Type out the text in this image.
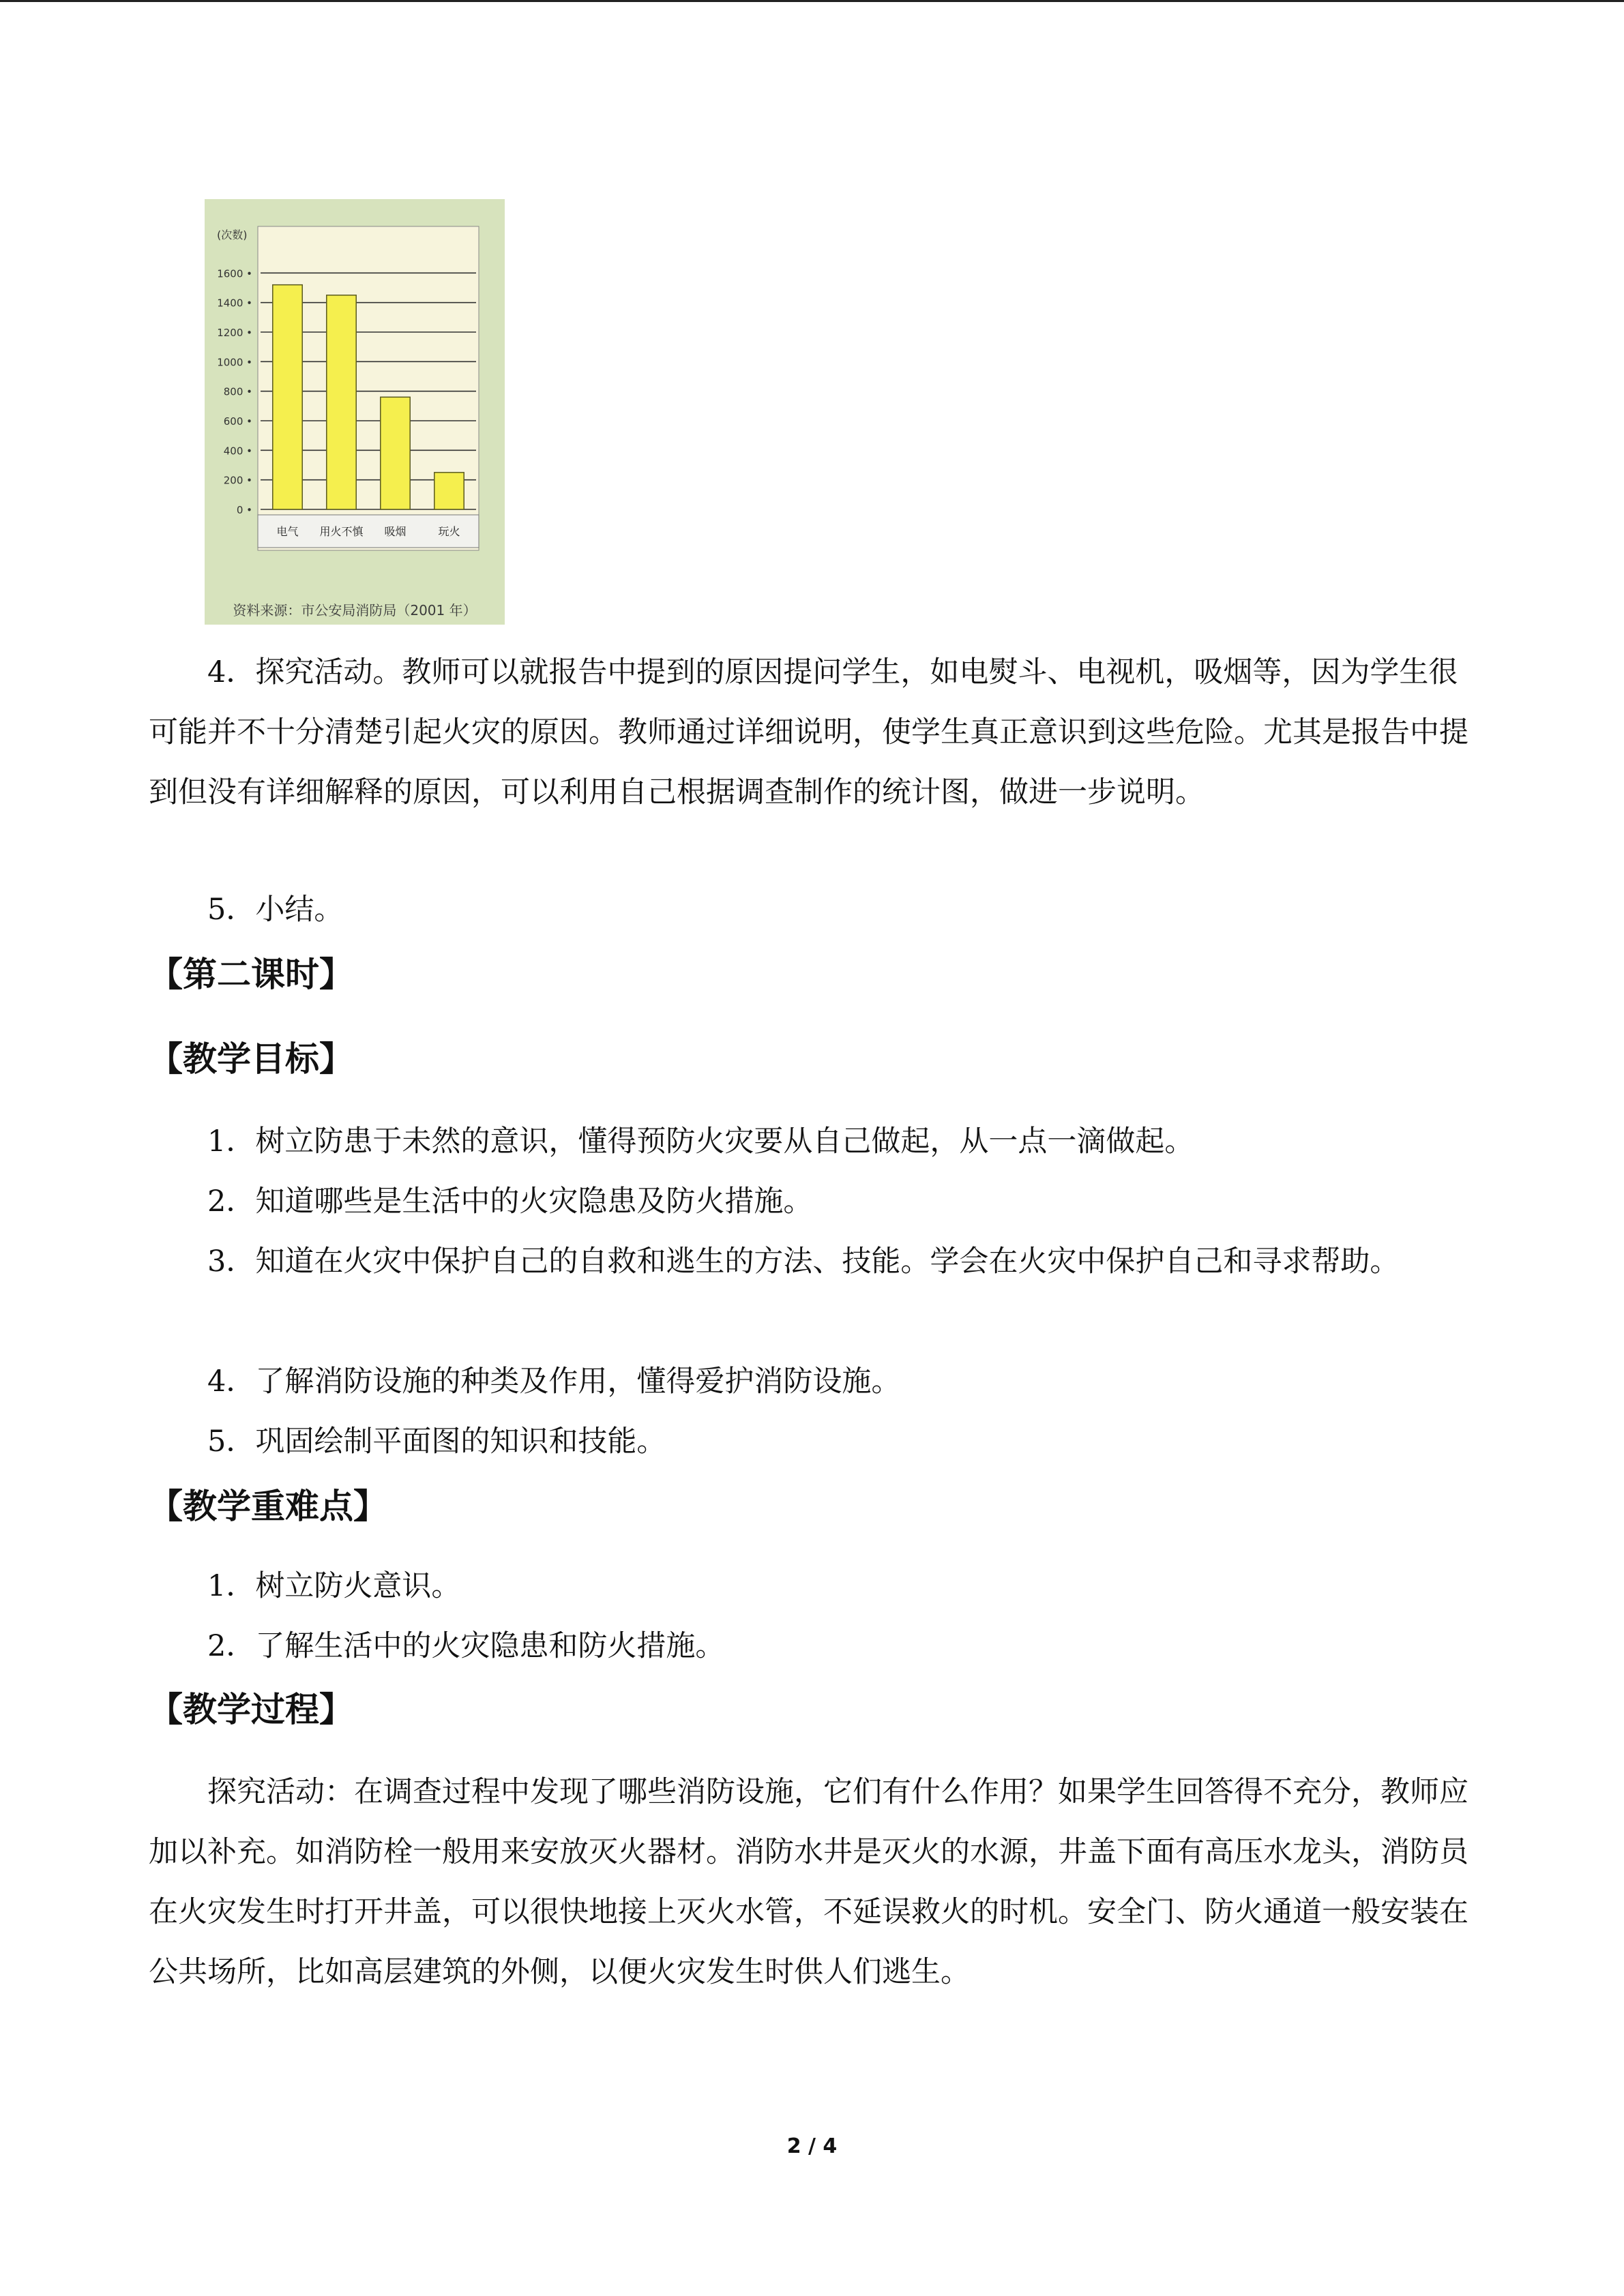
0 •
200 •
400 •
600 •
800 •
1000 •
1200 •
1400 •
1600 •
(次数)
电气 用火不慎 吸烟	玩火
资料来源：市公安局消防局（2001 年）

4．探究活动。教师可以就报告中提到的原因提问学生，如电熨斗、电视机，吸烟等，因为学生很可能并不十分清楚引起火灾的原因。教师通过详细说明，使学生真正意识到这些危险。尤其是报告中提到但没有详细解释的原因，可以利用自己根据调查制作的统计图，做进一步说明。

5．小结。

【第二课时】
【教学目标】

1．树立防患于未然的意识，懂得预防火灾要从自己做起，从一点一滴做起。

2．知道哪些是生活中的火灾隐患及防火措施。

3．知道在火灾中保护自己的自救和逃生的方法、技能。学会在火灾中保护自己和寻求帮助。

4．了解消防设施的种类及作用，懂得爱护消防设施。

5．巩固绘制平面图的知识和技能。

【教学重难点】

1．树立防火意识。

2．了解生活中的火灾隐患和防火措施。

【教学过程】

探究活动：在调查过程中发现了哪些消防设施，它们有什么作用？如果学生回答得不充分，教师应加以补充。如消防栓一般用来安放灭火器材。消防水井是灭火的水源，井盖下面有高压水龙头，消防员在火灾发生时打开井盖，可以很快地接上灭火水管，不延误救火的时机。安全门、防火通道一般安装在公共场所，比如高层建筑的外侧，以便火灾发生时供人们逃生。

2 / 4
